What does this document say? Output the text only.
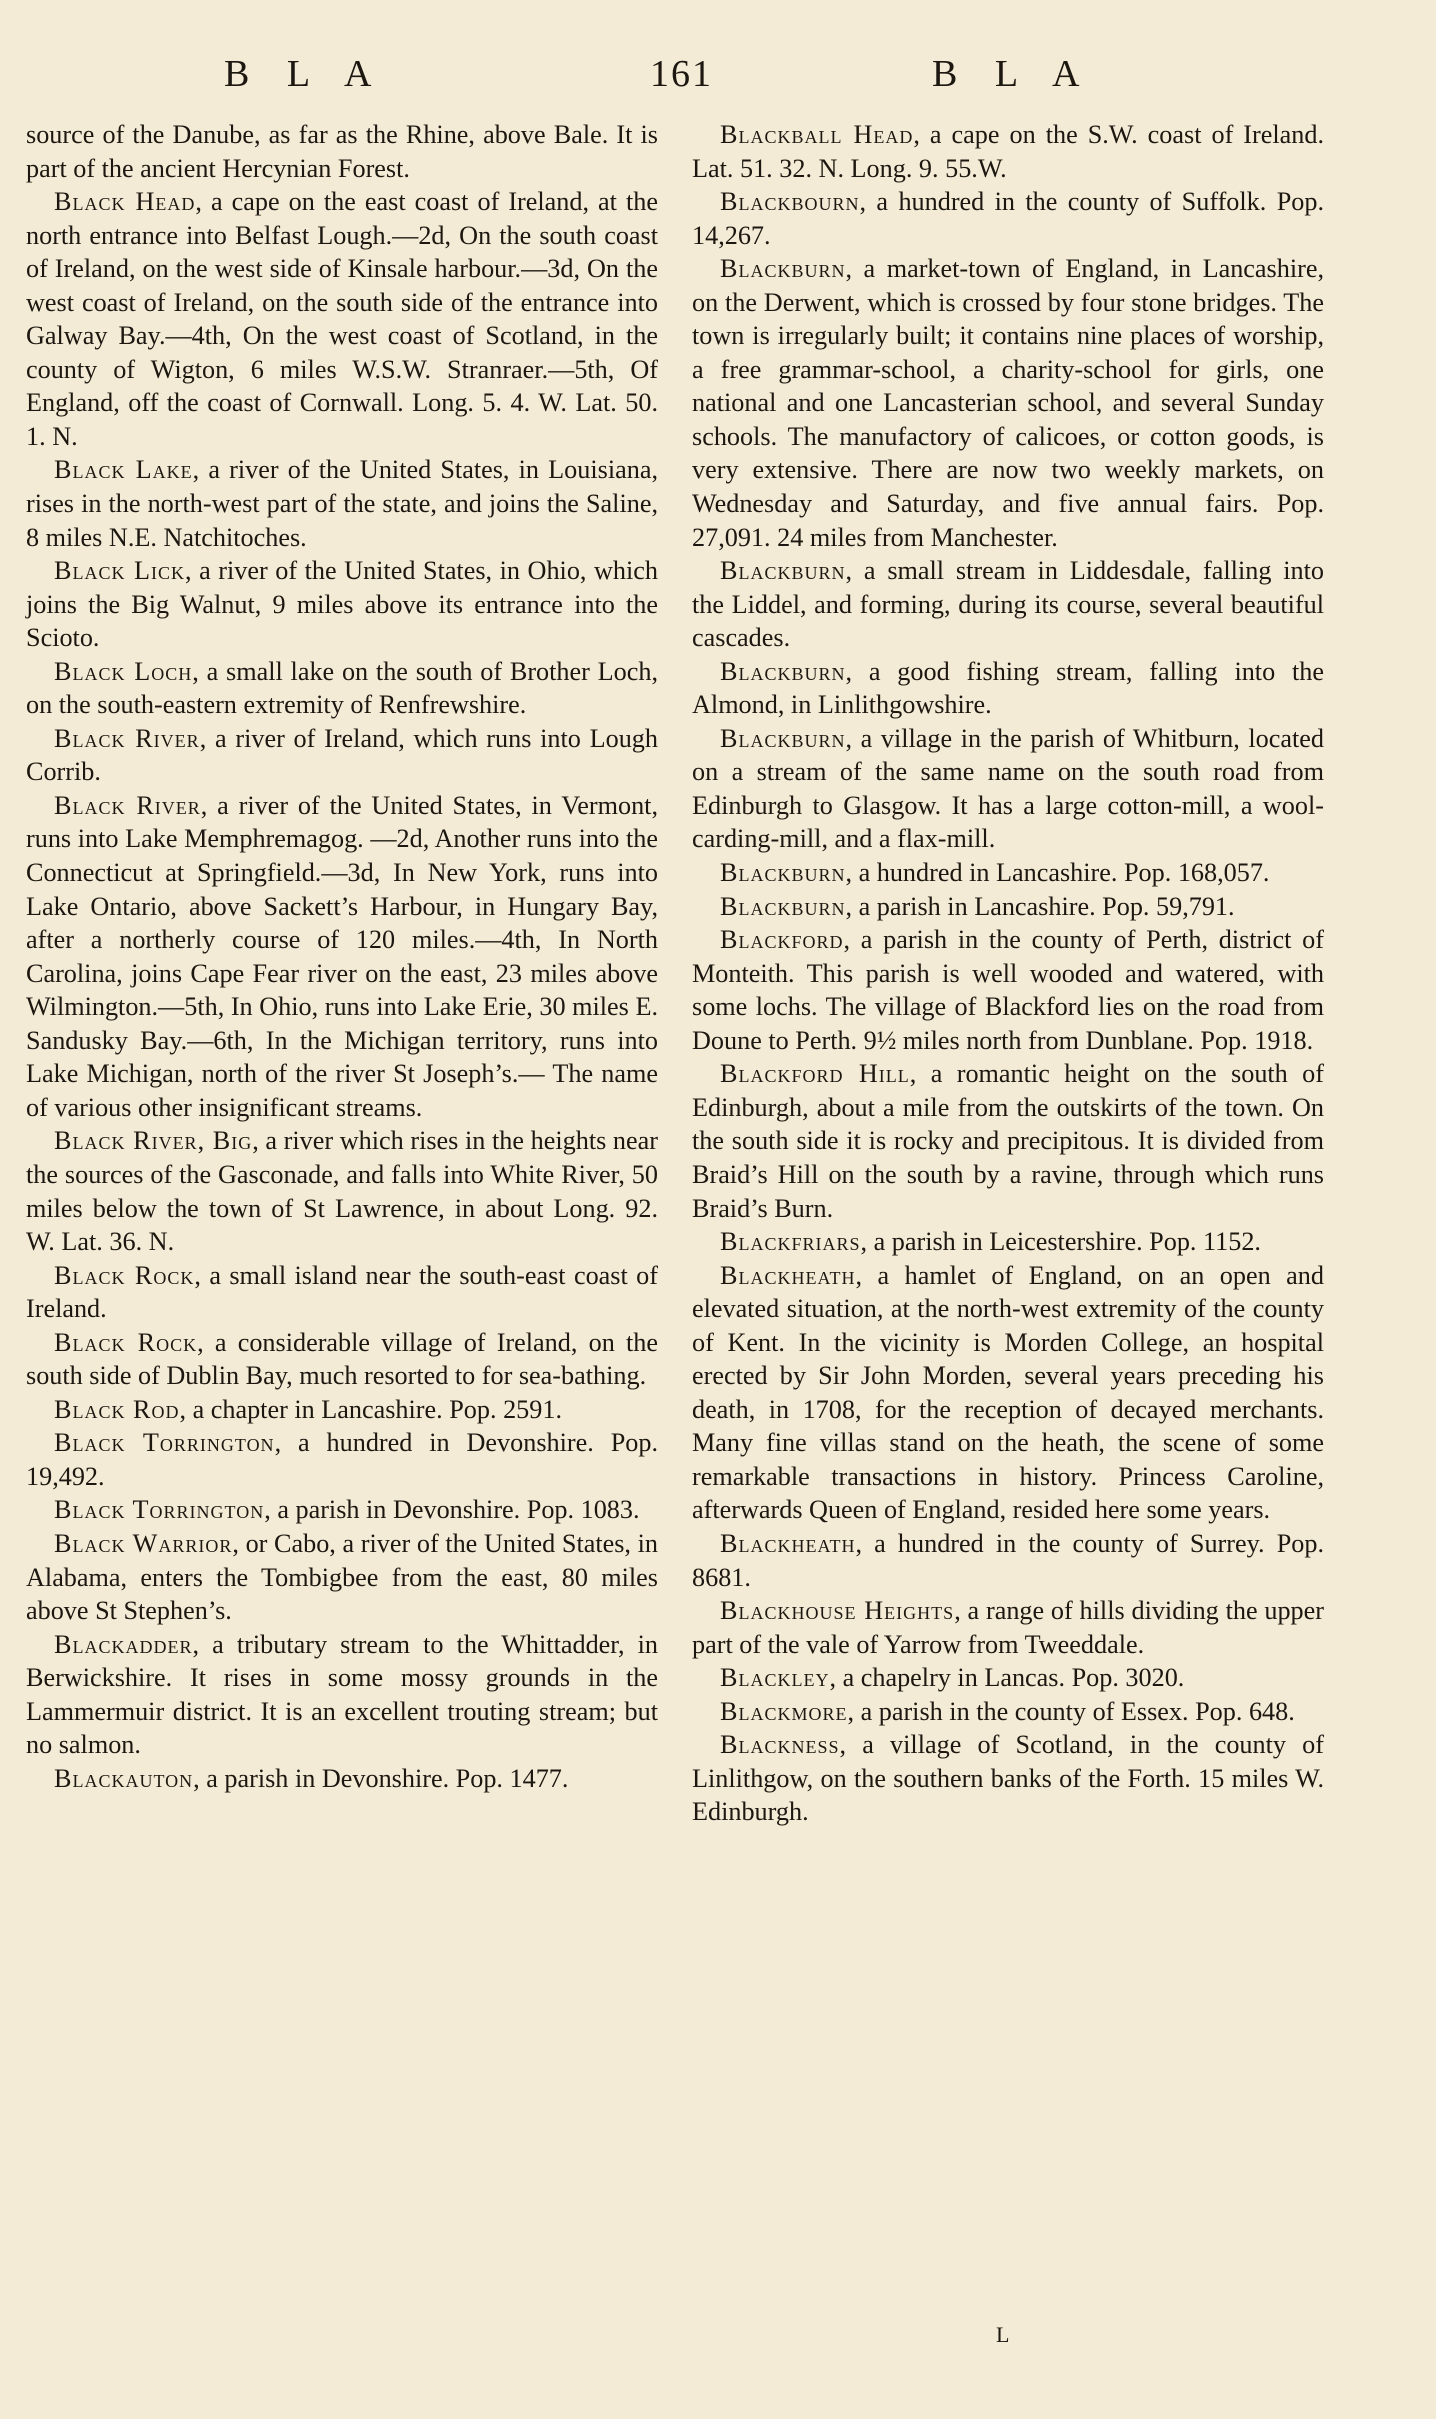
B L A	161	B L A

source of the Danube, as far as the Rhine, above Bale. It is part of the ancient Hercynian Forest.

Black Head, a cape on the east coast of Ireland, at the north entrance into Belfast Lough.—2d, On the south coast of Ireland, on the west side of Kinsale harbour.—3d, On the west coast of Ireland, on the south side of the entrance into Galway Bay.—4th, On the west coast of Scotland, in the county of Wigton, 6 miles W.S.W. Stranraer.—5th, Of England, off the coast of Cornwall. Long. 5. 4. W. Lat. 50. 1. N.

Black Lake, a river of the United States, in Louisiana, rises in the north-west part of the state, and joins the Saline, 8 miles N.E. Natchitoches.

Black Lick, a river of the United States, in Ohio, which joins the Big Walnut, 9 miles above its entrance into the Scioto.

Black Loch, a small lake on the south of Brother Loch, on the south-eastern extremity of Renfrewshire.

Black River, a river of Ireland, which runs into Lough Corrib.

Black River, a river of the United States, in Vermont, runs into Lake Memphremagog. —2d, Another runs into the Connecticut at Springfield.—3d, In New York, runs into Lake Ontario, above Sackett’s Harbour, in Hungary Bay, after a northerly course of 120 miles.—4th, In North Carolina, joins Cape Fear river on the east, 23 miles above Wilmington.—5th, In Ohio, runs into Lake Erie, 30 miles E. Sandusky Bay.—6th, In the Michigan territory, runs into Lake Michigan, north of the river St Joseph’s.— The name of various other insignificant streams.

Black River, Big, a river which rises in the heights near the sources of the Gasconade, and falls into White River, 50 miles below the town of St Lawrence, in about Long. 92. W. Lat. 36. N.

Black Rock, a small island near the south-east coast of Ireland.

Black Rock, a considerable village of Ireland, on the south side of Dublin Bay, much resorted to for sea-bathing.

Black Rod, a chapter in Lancashire. Pop. 2591.

Black Torrington, a hundred in Devonshire. Pop. 19,492.

Black Torrington, a parish in Devonshire. Pop. 1083.

Black Warrior, or Cabo, a river of the United States, in Alabama, enters the Tombigbee from the east, 80 miles above St Stephen’s.

Blackadder, a tributary stream to the Whittadder, in Berwickshire. It rises in some mossy grounds in the Lammermuir district. It is an excellent trouting stream; but no salmon.

Blackauton, a parish in Devonshire. Pop. 1477.

Blackball Head, a cape on the S.W. coast of Ireland. Lat. 51. 32. N. Long. 9. 55.W.

Blackbourn, a hundred in the county of Suffolk. Pop. 14,267.

Blackburn, a market-town of England, in Lancashire, on the Derwent, which is crossed by four stone bridges. The town is irregularly built; it contains nine places of worship, a free grammar-school, a charity-school for girls, one national and one Lancasterian school, and several Sunday schools. The manufactory of calicoes, or cotton goods, is very extensive. There are now two weekly markets, on Wednesday and Saturday, and five annual fairs. Pop. 27,091. 24 miles from Manchester.

Blackburn, a small stream in Liddesdale, falling into the Liddel, and forming, during its course, several beautiful cascades.

Blackburn, a good fishing stream, falling into the Almond, in Linlithgowshire.

Blackburn, a village in the parish of Whitburn, located on a stream of the same name on the south road from Edinburgh to Glasgow. It has a large cotton-mill, a wool-carding-mill, and a flax-mill.

Blackburn, a hundred in Lancashire. Pop. 168,057.

Blackburn, a parish in Lancashire. Pop. 59,791.

Blackford, a parish in the county of Perth, district of Monteith. This parish is well wooded and watered, with some lochs. The village of Blackford lies on the road from Doune to Perth. 9½ miles north from Dunblane. Pop. 1918.

Blackford Hill, a romantic height on the south of Edinburgh, about a mile from the outskirts of the town. On the south side it is rocky and precipitous. It is divided from Braid’s Hill on the south by a ravine, through which runs Braid’s Burn.

Blackfriars, a parish in Leicestershire. Pop. 1152.

Blackheath, a hamlet of England, on an open and elevated situation, at the north-west extremity of the county of Kent. In the vicinity is Morden College, an hospital erected by Sir John Morden, several years preceding his death, in 1708, for the reception of decayed merchants. Many fine villas stand on the heath, the scene of some remarkable transactions in history. Princess Caroline, afterwards Queen of England, resided here some years.

Blackheath, a hundred in the county of Surrey. Pop. 8681.

Blackhouse Heights, a range of hills dividing the upper part of the vale of Yarrow from Tweeddale.

Blackley, a chapelry in Lancas. Pop. 3020.

Blackmore, a parish in the county of Essex. Pop. 648.

Blackness, a village of Scotland, in the county of Linlithgow, on the southern banks of the Forth. 15 miles W. Edinburgh.

L
